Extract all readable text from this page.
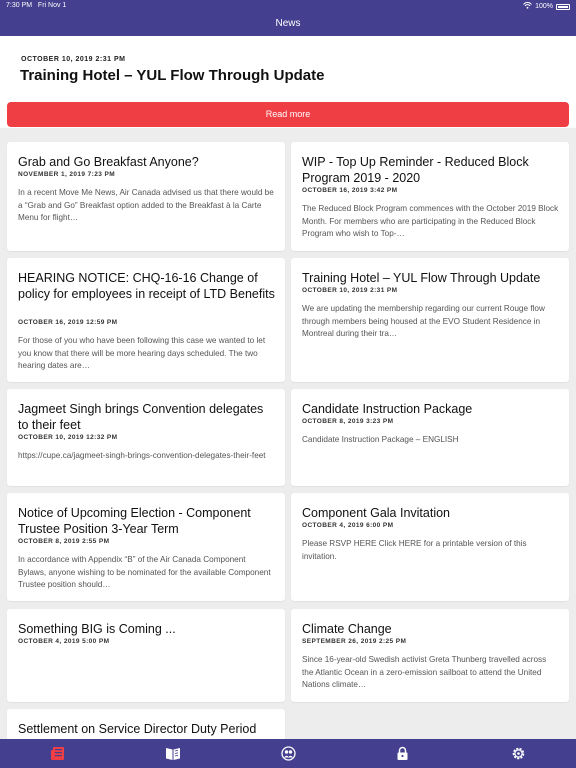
7:30 PM Fri Nov 1	100%
News
OCTOBER 10, 2019 2:31 PM
Training Hotel – YUL Flow Through Update
Read more
Grab and Go Breakfast Anyone?
NOVEMBER 1, 2019 7:23 PM
In a recent Move Me News, Air Canada advised us that there would be a “Grab and Go” Breakfast option added to the Breakfast à la Carte Menu for flight…
WIP - Top Up Reminder - Reduced Block Program 2019 - 2020
OCTOBER 16, 2019 3:42 PM
The Reduced Block Program commences with the October 2019 Block Month. For members who are participating in the Reduced Block Program who wish to Top-…
HEARING NOTICE: CHQ-16-16 Change of policy for employees in receipt of LTD Benefits
OCTOBER 16, 2019 12:59 PM
For those of you who have been following this case we wanted to let you know that there will be more hearing days scheduled. The two hearing dates are…
Training Hotel – YUL Flow Through Update
OCTOBER 10, 2019 2:31 PM
We are updating the membership regarding our current Rouge flow through members being housed at the EVO Student Residence in Montreal during their tra…
Jagmeet Singh brings Convention delegates to their feet
OCTOBER 10, 2019 12:32 PM
https://cupe.ca/jagmeet-singh-brings-convention-delegates-their-feet
Candidate Instruction Package
OCTOBER 8, 2019 3:23 PM
Candidate Instruction Package – ENGLISH
Notice of Upcoming Election - Component Trustee Position 3-Year Term
OCTOBER 8, 2019 2:55 PM
In accordance with Appendix “B” of the Air Canada Component Bylaws, anyone wishing to be nominated for the available Component Trustee position should…
Component Gala Invitation
OCTOBER 4, 2019 6:00 PM
Please RSVP HERE Click HERE for a printable version of this invitation.
Something BIG is Coming ...
OCTOBER 4, 2019 5:00 PM
Climate Change
SEPTEMBER 26, 2019 2:25 PM
Since 16-year-old Swedish activist Greta Thunberg travelled across the Atlantic Ocean in a zero-emission sailboat to attend the United Nations climate…
Settlement on Service Director Duty Period
